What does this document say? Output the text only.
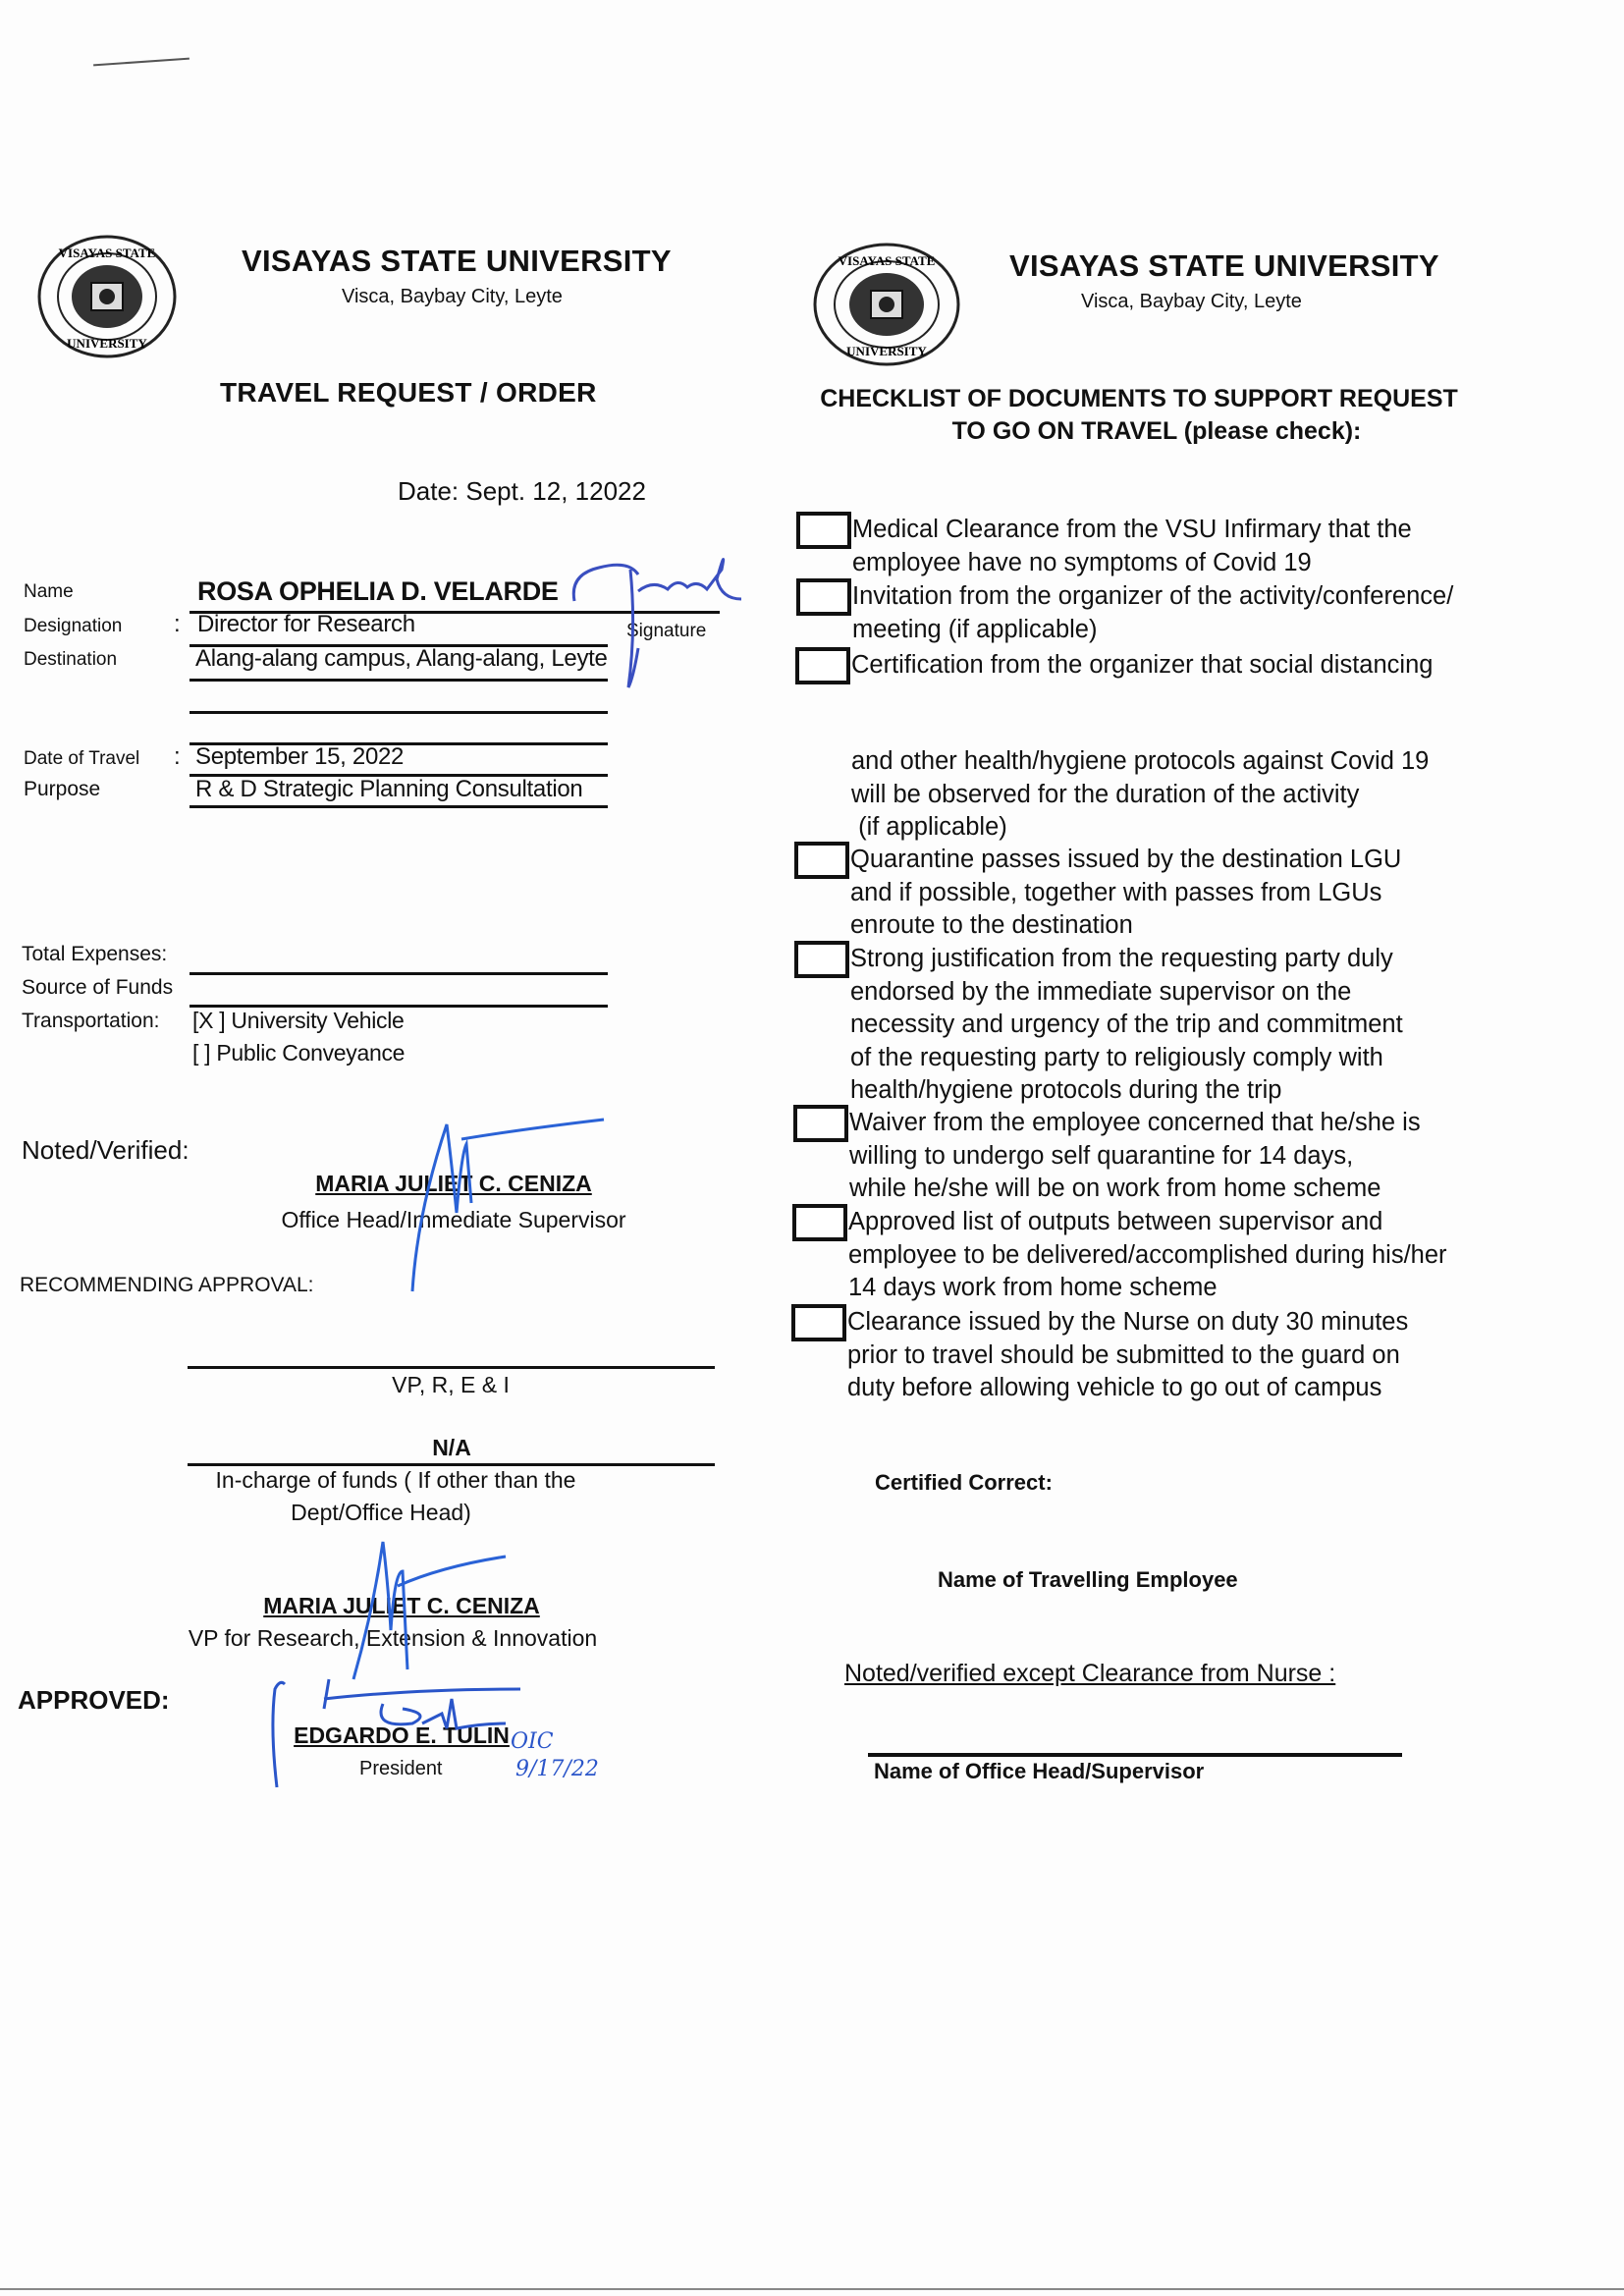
VISAYAS STATE
UNIVERSITY
VISAYAS STATE UNIVERSITY
Visca, Baybay City, Leyte
TRAVEL REQUEST / ORDER
Date: Sept. 12, 12022
Name	ROSA OPHELIA D. VELARDE
Signature
Designation : Director for Research
Destination	Alang-alang campus, Alang-alang, Leyte
Date of Travel : September 15, 2022
Purpose	R & D Strategic Planning Consultation
Total Expenses:
Source of Funds
Transportation: [X ] University Vehicle
[ ] Public Conveyance
Noted/Verified:
MARIA JULIET C. CENIZA
Office Head/Immediate Supervisor
RECOMMENDING APPROVAL:
VP, R, E & I
N/A
In-charge of funds ( If other than the
Dept/Office Head)
MARIA JULIET C. CENIZA
VP for Research, Extension & Innovation
APPROVED:
EDGARDO E. TULIN
President
OIC
9/17/22
VISAYAS STATE
UNIVERSITY
VISAYAS STATE UNIVERSITY
Visca, Baybay City, Leyte
CHECKLIST OF DOCUMENTS TO SUPPORT REQUEST
TO GO ON TRAVEL (please check):
Medical Clearance from the VSU Infirmary that the
employee have no symptoms of Covid 19
Invitation from the organizer of the activity/conference/
meeting (if applicable)
Certification from the organizer that social distancing
and other health/hygiene protocols against Covid 19
will be observed for the duration of the activity
(if applicable)
Quarantine passes issued by the destination LGU
and if possible, together with passes from LGUs
enroute to the destination
Strong justification from the requesting party duly
endorsed by the immediate supervisor on the
necessity and urgency of the trip and commitment
of the requesting party to religiously comply with
health/hygiene protocols during the trip
Waiver from the employee concerned that he/she is
willing to undergo self quarantine for 14 days,
while he/she will be on work from home scheme
Approved list of outputs between supervisor and
employee to be delivered/accomplished during his/her
14 days work from home scheme
Clearance issued by the Nurse on duty 30 minutes
prior to travel should be submitted to the guard on
duty before allowing vehicle to go out of campus
Certified Correct:
Name of Travelling Employee
Noted/verified except Clearance from Nurse :
Name of Office Head/Supervisor
